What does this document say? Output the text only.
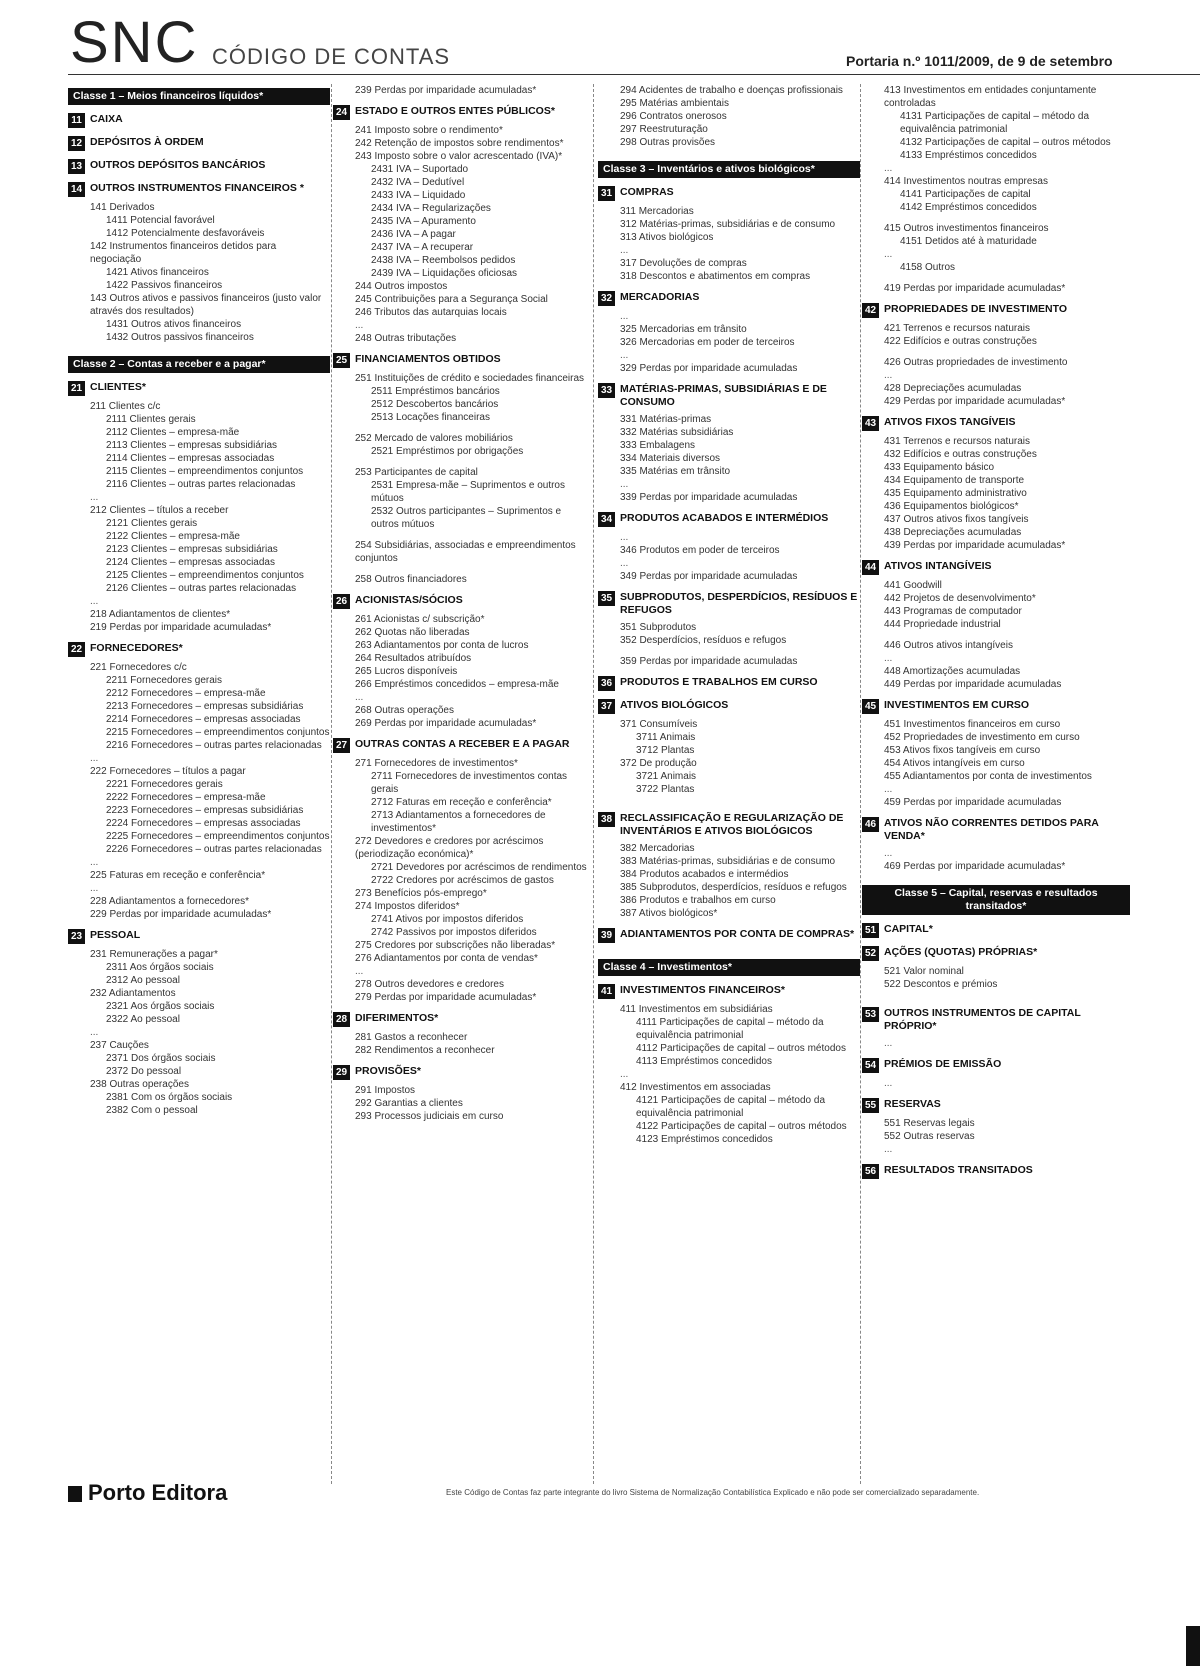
SNC CÓDIGO DE CONTAS	Portaria n.º 1011/2009, de 9 de setembro
Classe 1 – Meios financeiros líquidos*
11 CAIXA
12 DEPÓSITOS À ORDEM
13 OUTROS DEPÓSITOS BANCÁRIOS
14 OUTROS INSTRUMENTOS FINANCEIROS *
141 Derivados
1411 Potencial favorável
1412 Potencialmente desfavoráveis
142 Instrumentos financeiros detidos para negociação
1421 Ativos financeiros
1422 Passivos financeiros
143 Outros ativos e passivos financeiros (justo valor através dos resultados)
1431 Outros ativos financeiros
1432 Outros passivos financeiros
Classe 2 – Contas a receber e a pagar*
21 CLIENTES*
211 Clientes c/c
2111 Clientes gerais
2112 Clientes – empresa-mãe
2113 Clientes – empresas subsidiárias
2114 Clientes – empresas associadas
2115 Clientes – empreendimentos conjuntos
2116 Clientes – outras partes relacionadas
...
212 Clientes – títulos a receber
2121 Clientes gerais
2122 Clientes – empresa-mãe
2123 Clientes – empresas subsidiárias
2124 Clientes – empresas associadas
2125 Clientes – empreendimentos conjuntos
2126 Clientes – outras partes relacionadas
...
218 Adiantamentos de clientes*
219 Perdas por imparidade acumuladas*
22 FORNECEDORES*
221 Fornecedores c/c
2211 Fornecedores gerais
2212 Fornecedores – empresa-mãe
2213 Fornecedores – empresas subsidiárias
2214 Fornecedores – empresas associadas
2215 Fornecedores – empreendimentos conjuntos
2216 Fornecedores – outras partes relacionadas
...
222 Fornecedores – títulos a pagar
2221 Fornecedores gerais
2222 Fornecedores – empresa-mãe
2223 Fornecedores – empresas subsidiárias
2224 Fornecedores – empresas associadas
2225 Fornecedores – empreendimentos conjuntos
2226 Fornecedores – outras partes relacionadas
...
225 Faturas em receção e conferência*
...
228 Adiantamentos a fornecedores*
229 Perdas por imparidade acumuladas*
23 PESSOAL
231 Remunerações a pagar*
2311 Aos órgãos sociais
2312 Ao pessoal
232 Adiantamentos
2321 Aos órgãos sociais
2322 Ao pessoal
...
237 Cauções
2371 Dos órgãos sociais
2372 Do pessoal
238 Outras operações
2381 Com os órgãos sociais
2382 Com o pessoal
239 Perdas por imparidade acumuladas*
24 ESTADO E OUTROS ENTES PÚBLICOS*
241 Imposto sobre o rendimento*
242 Retenção de impostos sobre rendimentos*
243 Imposto sobre o valor acrescentado (IVA)*
2431 IVA – Suportado
2432 IVA – Dedutível
2433 IVA – Liquidado
2434 IVA – Regularizações
2435 IVA – Apuramento
2436 IVA – A pagar
2437 IVA – A recuperar
2438 IVA – Reembolsos pedidos
2439 IVA – Liquidações oficiosas
244 Outros impostos
245 Contribuições para a Segurança Social
246 Tributos das autarquias locais
...
248 Outras tributações
25 FINANCIAMENTOS OBTIDOS
251 Instituições de crédito e sociedades financeiras
2511 Empréstimos bancários
2512 Descobertos bancários
2513 Locações financeiras
252 Mercado de valores mobiliários
2521 Empréstimos por obrigações
253 Participantes de capital
2531 Empresa-mãe – Suprimentos e outros mútuos
2532 Outros participantes – Suprimentos e outros mútuos
254 Subsidiárias, associadas e empreendimentos conjuntos
258 Outros financiadores
26 ACIONISTAS/SÓCIOS
261 Acionistas c/ subscrição*
262 Quotas não liberadas
263 Adiantamentos por conta de lucros
264 Resultados atribuídos
265 Lucros disponíveis
266 Empréstimos concedidos – empresa-mãe
...
268 Outras operações
269 Perdas por imparidade acumuladas*
27 OUTRAS CONTAS A RECEBER E A PAGAR
271 Fornecedores de investimentos*
2711 Fornecedores de investimentos contas gerais
2712 Faturas em receção e conferência*
2713 Adiantamentos a fornecedores de investimentos*
272 Devedores e credores por acréscimos (periodização económica)*
2721 Devedores por acréscimos de rendimentos
2722 Credores por acréscimos de gastos
273 Benefícios pós-emprego*
274 Impostos diferidos*
2741 Ativos por impostos diferidos
2742 Passivos por impostos diferidos
275 Credores por subscrições não liberadas*
276 Adiantamentos por conta de vendas*
...
278 Outros devedores e credores
279 Perdas por imparidade acumuladas*
28 DIFERIMENTOS*
281 Gastos a reconhecer
282 Rendimentos a reconhecer
29 PROVISÕES*
291 Impostos
292 Garantias a clientes
293 Processos judiciais em curso
294 Acidentes de trabalho e doenças profissionais
295 Matérias ambientais
296 Contratos onerosos
297 Reestruturação
298 Outras provisões
Classe 3 – Inventários e ativos biológicos*
31 COMPRAS
311 Mercadorias
312 Matérias-primas, subsidiárias e de consumo
313 Ativos biológicos
...
317 Devoluções de compras
318 Descontos e abatimentos em compras
32 MERCADORIAS
...
325 Mercadorias em trânsito
326 Mercadorias em poder de terceiros
...
329 Perdas por imparidade acumuladas
33 MATÉRIAS-PRIMAS, SUBSIDIÁRIAS E DE CONSUMO
331 Matérias-primas
332 Matérias subsidiárias
333 Embalagens
334 Materiais diversos
335 Matérias em trânsito
...
339 Perdas por imparidade acumuladas
34 PRODUTOS ACABADOS E INTERMÉDIOS
...
346 Produtos em poder de terceiros
...
349 Perdas por imparidade acumuladas
35 SUBPRODUTOS, DESPERDÍCIOS, RESÍDUOS E REFUGOS
351 Subprodutos
352 Desperdícios, resíduos e refugos
359 Perdas por imparidade acumuladas
36 PRODUTOS E TRABALHOS EM CURSO
37 ATIVOS BIOLÓGICOS
371 Consumíveis
3711 Animais
3712 Plantas
372 De produção
3721 Animais
3722 Plantas
38 RECLASSIFICAÇÃO E REGULARIZAÇÃO DE INVENTÁRIOS E ATIVOS BIOLÓGICOS
382 Mercadorias
383 Matérias-primas, subsidiárias e de consumo
384 Produtos acabados e intermédios
385 Subprodutos, desperdícios, resíduos e refugos
386 Produtos e trabalhos em curso
387 Ativos biológicos*
39 ADIANTAMENTOS POR CONTA DE COMPRAS*
Classe 4 – Investimentos*
41 INVESTIMENTOS FINANCEIROS*
411 Investimentos em subsidiárias
4111 Participações de capital – método da equivalência patrimonial
4112 Participações de capital – outros métodos
4113 Empréstimos concedidos
...
412 Investimentos em associadas
4121 Participações de capital – método da equivalência patrimonial
4122 Participações de capital – outros métodos
4123 Empréstimos concedidos
413 Investimentos em entidades conjuntamente controladas
4131 Participações de capital – método da equivalência patrimonial
4132 Participações de capital – outros métodos
4133 Empréstimos concedidos
...
414 Investimentos noutras empresas
4141 Participações de capital
4142 Empréstimos concedidos
415 Outros investimentos financeiros
4151 Detidos até à maturidade
...
4158 Outros
419 Perdas por imparidade acumuladas*
42 PROPRIEDADES DE INVESTIMENTO
421 Terrenos e recursos naturais
422 Edifícios e outras construções
426 Outras propriedades de investimento
...
428 Depreciações acumuladas
429 Perdas por imparidade acumuladas*
43 ATIVOS FIXOS TANGÍVEIS
431 Terrenos e recursos naturais
432 Edifícios e outras construções
433 Equipamento básico
434 Equipamento de transporte
435 Equipamento administrativo
436 Equipamentos biológicos*
437 Outros ativos fixos tangíveis
438 Depreciações acumuladas
439 Perdas por imparidade acumuladas*
44 ATIVOS INTANGÍVEIS
441 Goodwill
442 Projetos de desenvolvimento*
443 Programas de computador
444 Propriedade industrial
446 Outros ativos intangíveis
...
448 Amortizações acumuladas
449 Perdas por imparidade acumuladas
45 INVESTIMENTOS EM CURSO
451 Investimentos financeiros em curso
452 Propriedades de investimento em curso
453 Ativos fixos tangíveis em curso
454 Ativos intangíveis em curso
455 Adiantamentos por conta de investimentos
...
459 Perdas por imparidade acumuladas
46 ATIVOS NÃO CORRENTES DETIDOS PARA VENDA*
...
469 Perdas por imparidade acumuladas*
Classe 5 – Capital, reservas e resultados transitados*
51 CAPITAL*
52 AÇÕES (QUOTAS) PRÓPRIAS*
521 Valor nominal
522 Descontos e prémios
53 OUTROS INSTRUMENTOS DE CAPITAL PRÓPRIO*
...
54 PRÉMIOS DE EMISSÃO
...
55 RESERVAS
551 Reservas legais
552 Outras reservas
...
56 RESULTADOS TRANSITADOS
Porto Editora	Este Código de Contas faz parte integrante do livro Sistema de Normalização Contabilística Explicado e não pode ser comercializado separadamente.
